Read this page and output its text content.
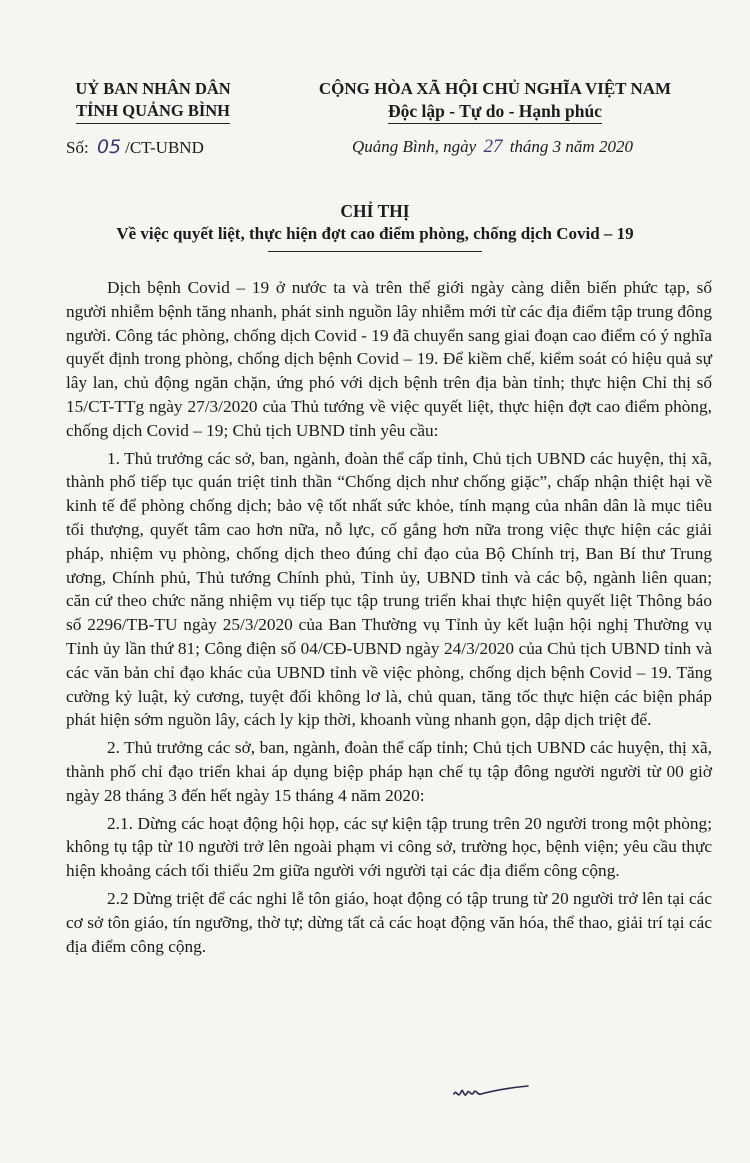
UỶ BAN NHÂN DÂN
TỈNH QUẢNG BÌNH
CỘNG HÒA XÃ HỘI CHỦ NGHĨA VIỆT NAM
Độc lập - Tự do - Hạnh phúc
Số: 05 /CT-UBND	Quảng Bình, ngày 27 tháng 3 năm 2020
CHỈ THỊ
Về việc quyết liệt, thực hiện đợt cao điểm phòng, chống dịch Covid – 19

Dịch bệnh Covid – 19 ở nước ta và trên thế giới ngày càng diễn biến phức tạp, số người nhiễm bệnh tăng nhanh, phát sinh nguồn lây nhiễm mới từ các địa điểm tập trung đông người. Công tác phòng, chống dịch Covid - 19 đã chuyển sang giai đoạn cao điểm có ý nghĩa quyết định trong phòng, chống dịch bệnh Covid – 19. Để kiềm chế, kiểm soát có hiệu quả sự lây lan, chủ động ngăn chặn, ứng phó với dịch bệnh trên địa bàn tỉnh; thực hiện Chỉ thị số 15/CT-TTg ngày 27/3/2020 của Thủ tướng về việc quyết liệt, thực hiện đợt cao điểm phòng, chống dịch Covid – 19; Chủ tịch UBND tỉnh yêu cầu:

1. Thủ trưởng các sở, ban, ngành, đoàn thể cấp tỉnh, Chủ tịch UBND các huyện, thị xã, thành phố tiếp tục quán triệt tinh thần “Chống dịch như chống giặc”, chấp nhận thiệt hại về kinh tế để phòng chống dịch; bảo vệ tốt nhất sức khỏe, tính mạng của nhân dân là mục tiêu tối thượng, quyết tâm cao hơn nữa, nỗ lực, cố gắng hơn nữa trong việc thực hiện các giải pháp, nhiệm vụ phòng, chống dịch theo đúng chỉ đạo của Bộ Chính trị, Ban Bí thư Trung ương, Chính phủ, Thủ tướng Chính phủ, Tỉnh ủy, UBND tỉnh và các bộ, ngành liên quan; căn cứ theo chức năng nhiệm vụ tiếp tục tập trung triển khai thực hiện quyết liệt Thông báo số 2296/TB-TU ngày 25/3/2020 của Ban Thường vụ Tỉnh ủy kết luận hội nghị Thường vụ Tỉnh ủy lần thứ 81; Công điện số 04/CĐ-UBND ngày 24/3/2020 của Chủ tịch UBND tỉnh và các văn bản chỉ đạo khác của UBND tỉnh về việc phòng, chống dịch bệnh Covid – 19. Tăng cường kỷ luật, kỷ cương, tuyệt đối không lơ là, chủ quan, tăng tốc thực hiện các biện pháp phát hiện sớm nguồn lây, cách ly kịp thời, khoanh vùng nhanh gọn, dập dịch triệt để.

2. Thủ trưởng các sở, ban, ngành, đoàn thể cấp tỉnh; Chủ tịch UBND các huyện, thị xã, thành phố chỉ đạo triển khai áp dụng biệp pháp hạn chế tụ tập đông người người từ 00 giờ ngày 28 tháng 3 đến hết ngày 15 tháng 4 năm 2020:

2.1. Dừng các hoạt động hội họp, các sự kiện tập trung trên 20 người trong một phòng; không tụ tập từ 10 người trở lên ngoài phạm vi công sở, trường học, bệnh viện; yêu cầu thực hiện khoảng cách tối thiểu 2m giữa người với người tại các địa điểm công cộng.

2.2 Dừng triệt để các nghi lễ tôn giáo, hoạt động có tập trung từ 20 người trở lên tại các cơ sở tôn giáo, tín ngưỡng, thờ tự; dừng tất cả các hoạt động văn hóa, thể thao, giải trí tại các địa điểm công cộng.
